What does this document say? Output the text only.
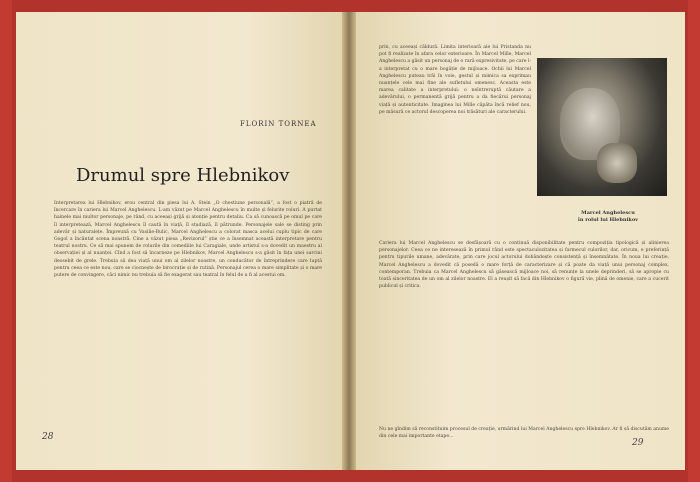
FLORIN TORNEA
Drumul spre Hlebnikov

Interpretarea lui Hlebnikov, erou central din piesa lui A. Stein „O chestiune personală”, a fost o piatră de încercare în cariera lui Marcel Anghelescu. L-am văzut pe Marcel Anghelescu în multe și felurite roluri. A purtat hainele mai multor personaje, pe rând, cu aceeași grijă și atenție pentru detaliu. Ca să cunoască pe omul pe care îl interpretează, Marcel Anghelescu îl caută în viață, îl studiază, îl pătrunde. Personajele sale se disting prin adevăr și naturalețe. Împreună cu Vasilie-Bulic, Marcel Anghelescu a colorat masca acelui cuplu tipic de care Gogol a încântat scena noastră. Cine a văzut piesa „Revizorul” știe ce a însemnat această interpretare pentru teatrul nostru. Ce să mai spunem de rolurile din comediile lui Caragiale, unde artistul s-a dovedit un maestru al observației și al nuanței. Cînd a fost să încarneze pe Hlebnikov, Marcel Anghelescu s-a găsit în fața unei sarcini deosebit de grele. Trebuia să dea viață unui om al zilelor noastre, un conducător de întreprindere care luptă pentru ceea ce este nou, care se ciocnește de birocrație și de rutină. Personajul cerea o mare simplitate și o mare putere de convingere, căci nimic nu trebuia să fie exagerat sau teatral în felul de a fi al acestui om.

28

prin, cu aceeași căldură. Limita interioară ale lui Pristanda nu pot fi realizate în afara celor exterioare. În Marcel Mille, Marcel Anghelescu a găsit un personaj de o rară expresivitate, pe care l-a interpretat cu o mare bogăție de mijloace. Ochii lui Marcel Anghelescu puteau trăi în voie, gestul și mimica sa exprimau nuanțele cele mai fine ale sufletului omenesc. Aceasta este marea calitate a interpretului: o neîntreruptă căutare a adevărului, o permanentă grijă pentru a da fiecărui personaj viață și autenticitate. Imaginea lui Mille căpăta încă relief nou, pe măsură ce actorul descoperea noi trăsături ale caracterului.

Marcel Anghelescu
în rolul lui Hlebnikov

Cariera lui Marcel Anghelescu se desfășoară cu o continuă disponibilitate pentru compoziția tipologică și alinierea personajelor. Ceea ce ne interesează în primul rând este spectaculozitatea și farmecul culorilor, dar, oricum, e preferință pentru tipurile umane, adevărate, prin care jocul actorului dobândește consistență și însemnătate. În noua lui creație, Marcel Anghelescu a dovedit că posedă o mare forță de caracterizare și că poate da viață unui personaj complex, contemporan. Trebuia ca Marcel Anghelescu să găsească mijloace noi, să renunțe la unele deprinderi, să se apropie cu toată sinceritatea de un om al zilelor noastre. El a reușit să facă din Hlebnikov o figură vie, plină de omenie, care a cucerit publicul și critica.

Nu ne gîndim să reconstituim procesul de creație, urmărind lui Marcel Anghelescu spre Hlebnikov. Ar fi să discutăm anume din cele mai importante etape...

29
